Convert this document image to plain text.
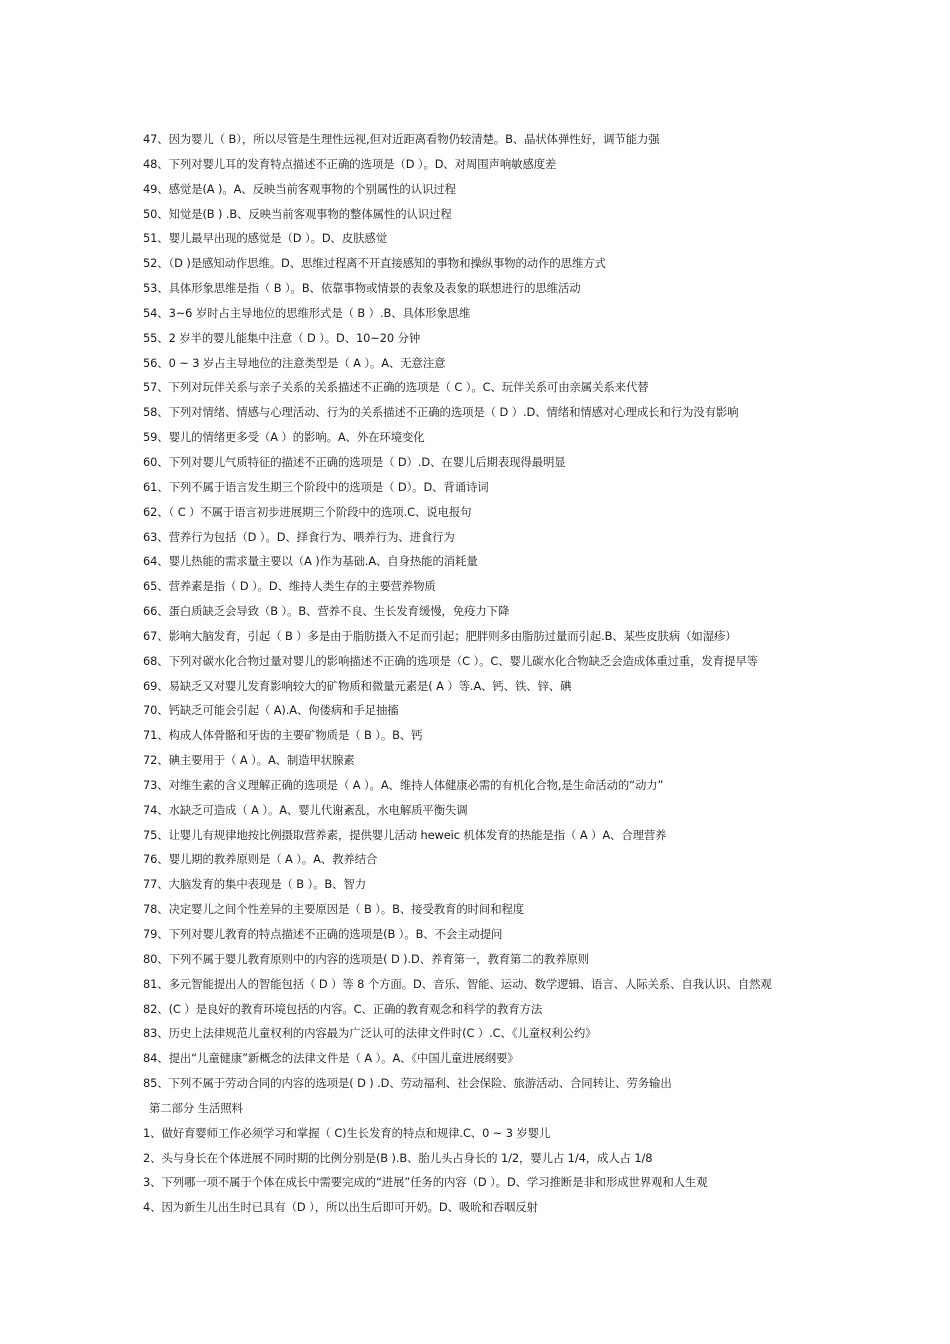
47、因为婴儿（ B），所以尽管是生理性远视,但对近距离看物仍较清楚。B、晶状体弹性好，调节能力强
48、下列对婴儿耳的发育特点描述不正确的选项是（D ）。D、对周围声响敏感度差
49、感觉是(A )。A、反映当前客观事物的个别属性的认识过程
50、知觉是(B ) .B、反映当前客观事物的整体属性的认识过程
51、婴儿最早出现的感觉是（D ）。D、皮肤感觉
52、（D )是感知动作思维。D、思维过程离不开直接感知的事物和操纵事物的动作的思维方式
53、具体形象思维是指（ B ）。B、依靠事物或情景的表象及表象的联想进行的思维活动
54、3~6 岁时占主导地位的思维形式是（ B ）.B、具体形象思维
55、2 岁半的婴儿能集中注意（ D ）。D、10~20 分钟
56、0 ~ 3 岁占主导地位的注意类型是（ A ）。A、无意注意
57、下列对玩伴关系与亲子关系的关系描述不正确的选项是（ C ）。C、玩伴关系可由亲属关系来代替
58、下列对情绪、情感与心理活动、行为的关系描述不正确的选项是（ D ）.D、情绪和情感对心理成长和行为没有影响
59、婴儿的情绪更多受（A ）的影响。A、外在环境变化
60、下列对婴儿气质特征的描述不正确的选项是（ D）.D、在婴儿后期表现得最明显
61、下列不属于语言发生期三个阶段中的选项是（ D）。D、背诵诗词
62、（ C ）不属于语言初步进展期三个阶段中的选项.C、说电报句
63、营养行为包括（D ）。D、择食行为、喂养行为、进食行为
64、婴儿热能的需求量主要以（A )作为基础.A、自身热能的消耗量
65、营养素是指（ D ）。D、维持人类生存的主要营养物质
66、蛋白质缺乏会导致（B ）。B、营养不良、生长发育缓慢，免疫力下降
67、影响大脑发育，引起（ B ）多是由于脂肪摄入不足而引起；肥胖则多由脂肪过量而引起.B、某些皮肤病（如湿疹）
68、下列对碳水化合物过量对婴儿的影响描述不正确的选项是（C ）。C、婴儿碳水化合物缺乏会造成体重过重，发育提早等
69、易缺乏又对婴儿发育影响较大的矿物质和微量元素是( A ）等.A、钙、铁、锌、碘
70、钙缺乏可能会引起（ A).A、佝偻病和手足抽搐
71、构成人体骨骼和牙齿的主要矿物质是（ B ）。B、钙
72、碘主要用于（ A ）。A、制造甲状腺素
73、对维生素的含义理解正确的选项是（ A ）。A、维持人体健康必需的有机化合物,是生命活动的“动力”
74、水缺乏可造成（ A ）。A、婴儿代谢紊乱，水电解质平衡失调
75、让婴儿有规律地按比例摄取营养素，提供婴儿活动 heweic 机体发育的热能是指（ A ）A、合理营养
76、婴儿期的教养原则是（ A ）。A、教养结合
77、大脑发育的集中表现是（ B ）。B、智力
78、决定婴儿之间个性差异的主要原因是（ B ）。B、接受教育的时间和程度
79、下列对婴儿教育的特点描述不正确的选项是(B ）。B、不会主动提问
80、下列不属于婴儿教育原则中的内容的选项是( D ).D、养育第一，教育第二的教养原则
81、多元智能提出人的智能包括（ D ）等 8 个方面。D、音乐、智能、运动、数学逻辑、语言、人际关系、自我认识、自然观
82、(C ）是良好的教育环境包括的内容。C、正确的教育观念和科学的教育方法
83、历史上法律规范儿童权利的内容最为广泛认可的法律文件时(C ）.C、《儿童权利公约》
84、提出“儿童健康”新概念的法律文件是（ A ）。A、《中国儿童进展纲要》
85、下列不属于劳动合同的内容的选项是( D ) .D、劳动福利、社会保险、旅游活动、合同转让、劳务输出
第二部分 生活照料
1、做好育婴师工作必须学习和掌握（ C)生长发育的特点和规律.C、0 ~ 3 岁婴儿
2、头与身长在个体进展不同时期的比例分别是(B ).B、胎儿头占身长的 1/2，婴儿占 1/4，成人占 1/8
3、下列哪一项不属于个体在成长中需要完成的“进展”任务的内容（D ）。D、学习推断是非和形成世界观和人生观
4、因为新生儿出生时已具有（D ），所以出生后即可开奶。D、吸吮和吞咽反射
